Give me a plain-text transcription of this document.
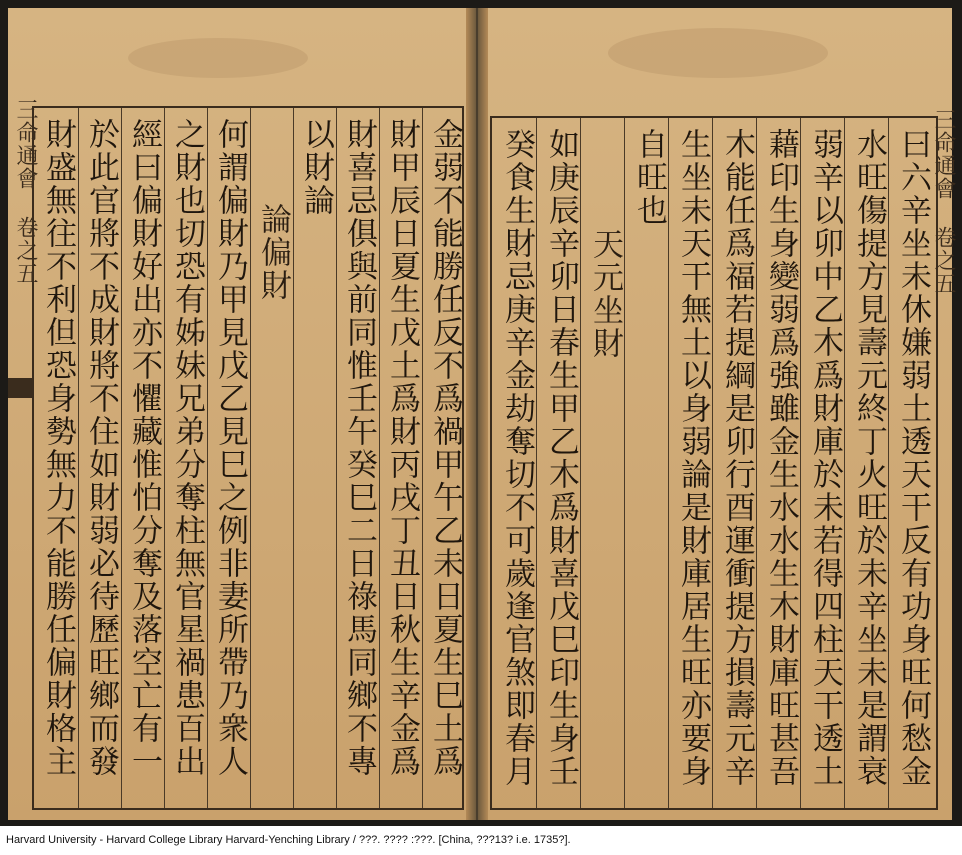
三命通會 卷之五	金弱不能勝任反不爲禍甲午乙未日夏生巳土爲
財甲辰日夏生戊土爲財丙戌丁丑日秋生辛金爲
財喜忌俱與前同惟壬午癸巳二日祿馬同鄉不專
以財論
論偏財
何謂偏財乃甲見戊乙見巳之例非妻所帶乃衆人
之財也切恐有姊妹兄弟分奪柱無官星禍患百出
經曰偏財好出亦不懼藏惟怕分奪及落空亡有一
於此官將不成財將不住如財弱必待歷旺鄉而發
財盛無往不利但恐身勢無力不能勝任偏財格主	曰六辛坐未休嫌弱土透天干反有功身旺何愁金
水旺傷提方見壽元終丁火旺於未辛坐未是謂衰
弱辛以卯中乙木爲財庫於未若得四柱天干透土
藉印生身變弱爲強雖金生水水生木財庫旺甚吾
木能任爲福若提綱是卯行酉運衝提方損壽元辛
生坐未天干無土以身弱論是財庫居生旺亦要身
自旺也
天元坐財
如庚辰辛卯日春生甲乙木爲財喜戊巳印生身壬
癸食生財忌庚辛金劫奪切不可歲逢官煞即春月	三命通會 卷之五
Harvard University - Harvard College Library Harvard-Yenching Library / ???. ???? :???. [China, ???13? i.e. 1735?].
